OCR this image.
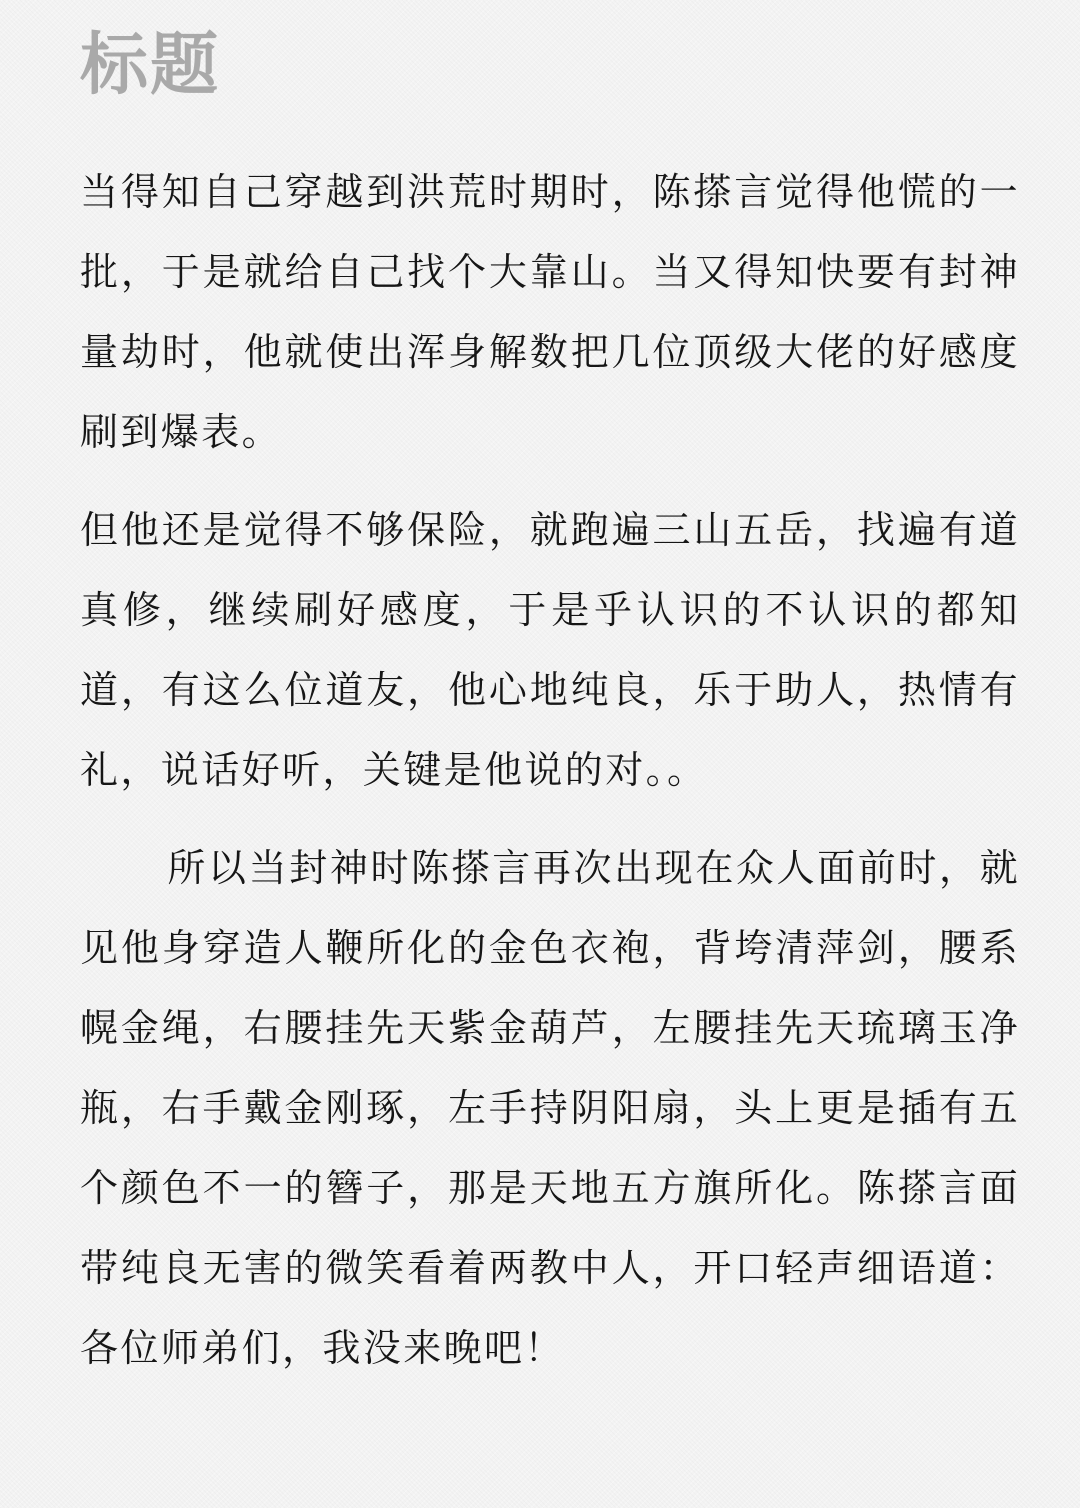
标题

当得知自己穿越到洪荒时期时，陈搽言觉得他慌的一批，于是就给自己找个大靠山。当又得知快要有封神量劫时，他就使出浑身解数把几位顶级大佬的好感度刷到爆表。

但他还是觉得不够保险，就跑遍三山五岳，找遍有道真修，继续刷好感度，于是乎认识的不认识的都知道，有这么位道友，他心地纯良，乐于助人，热情有礼，说话好听，关键是他说的对。。

所以当封神时陈搽言再次出现在众人面前时，就见他身穿造人鞭所化的金色衣袍，背垮清萍剑，腰系幌金绳，右腰挂先天紫金葫芦，左腰挂先天琉璃玉净瓶，右手戴金刚琢，左手持阴阳扇，头上更是插有五个颜色不一的簪子，那是天地五方旗所化。陈搽言面带纯良无害的微笑看着两教中人，开口轻声细语道：各位师弟们，我没来晚吧！
